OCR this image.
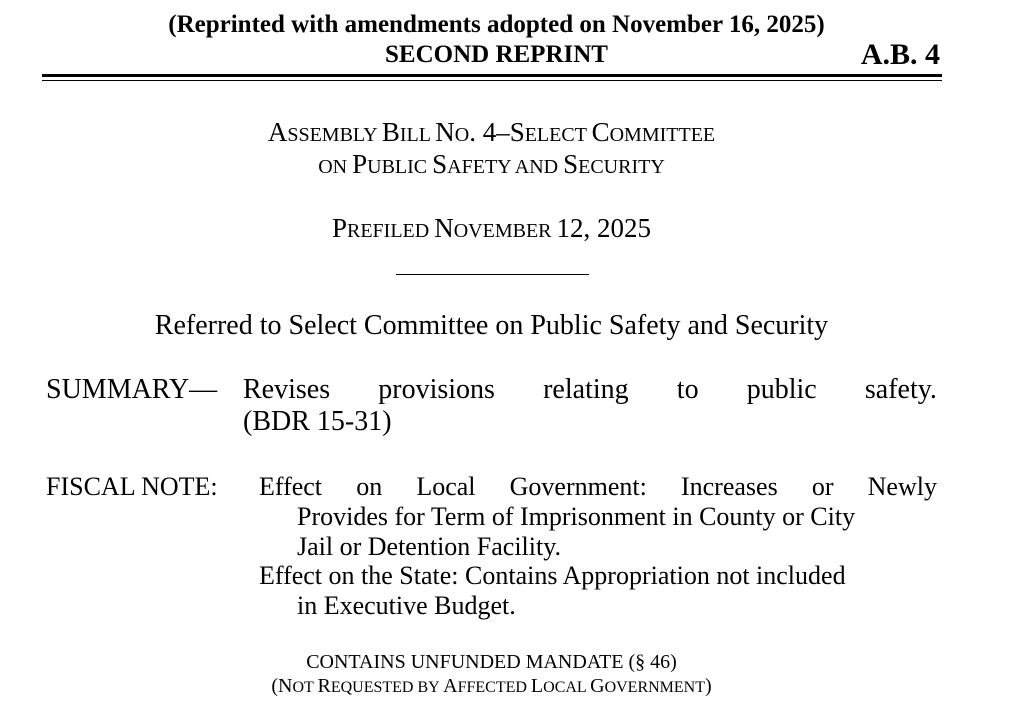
(Reprinted with amendments adopted on November 16, 2025)
SECOND REPRINT	A.B. 4
ASSEMBLY BILL NO. 4–SELECT COMMITTEE
ON PUBLIC SAFETY AND SECURITY
PREFILED NOVEMBER 12, 2025
Referred to Select Committee on Public Safety and Security
SUMMARY— Revises provisions relating to public safety.
(BDR 15-31)
FISCAL NOTE: Effect on Local Government: Increases or Newly
Provides for Term of Imprisonment in County or City
Jail or Detention Facility.
Effect on the State: Contains Appropriation not included
in Executive Budget.
CONTAINS UNFUNDED MANDATE (§ 46)
(NOT REQUESTED BY AFFECTED LOCAL GOVERNMENT)
